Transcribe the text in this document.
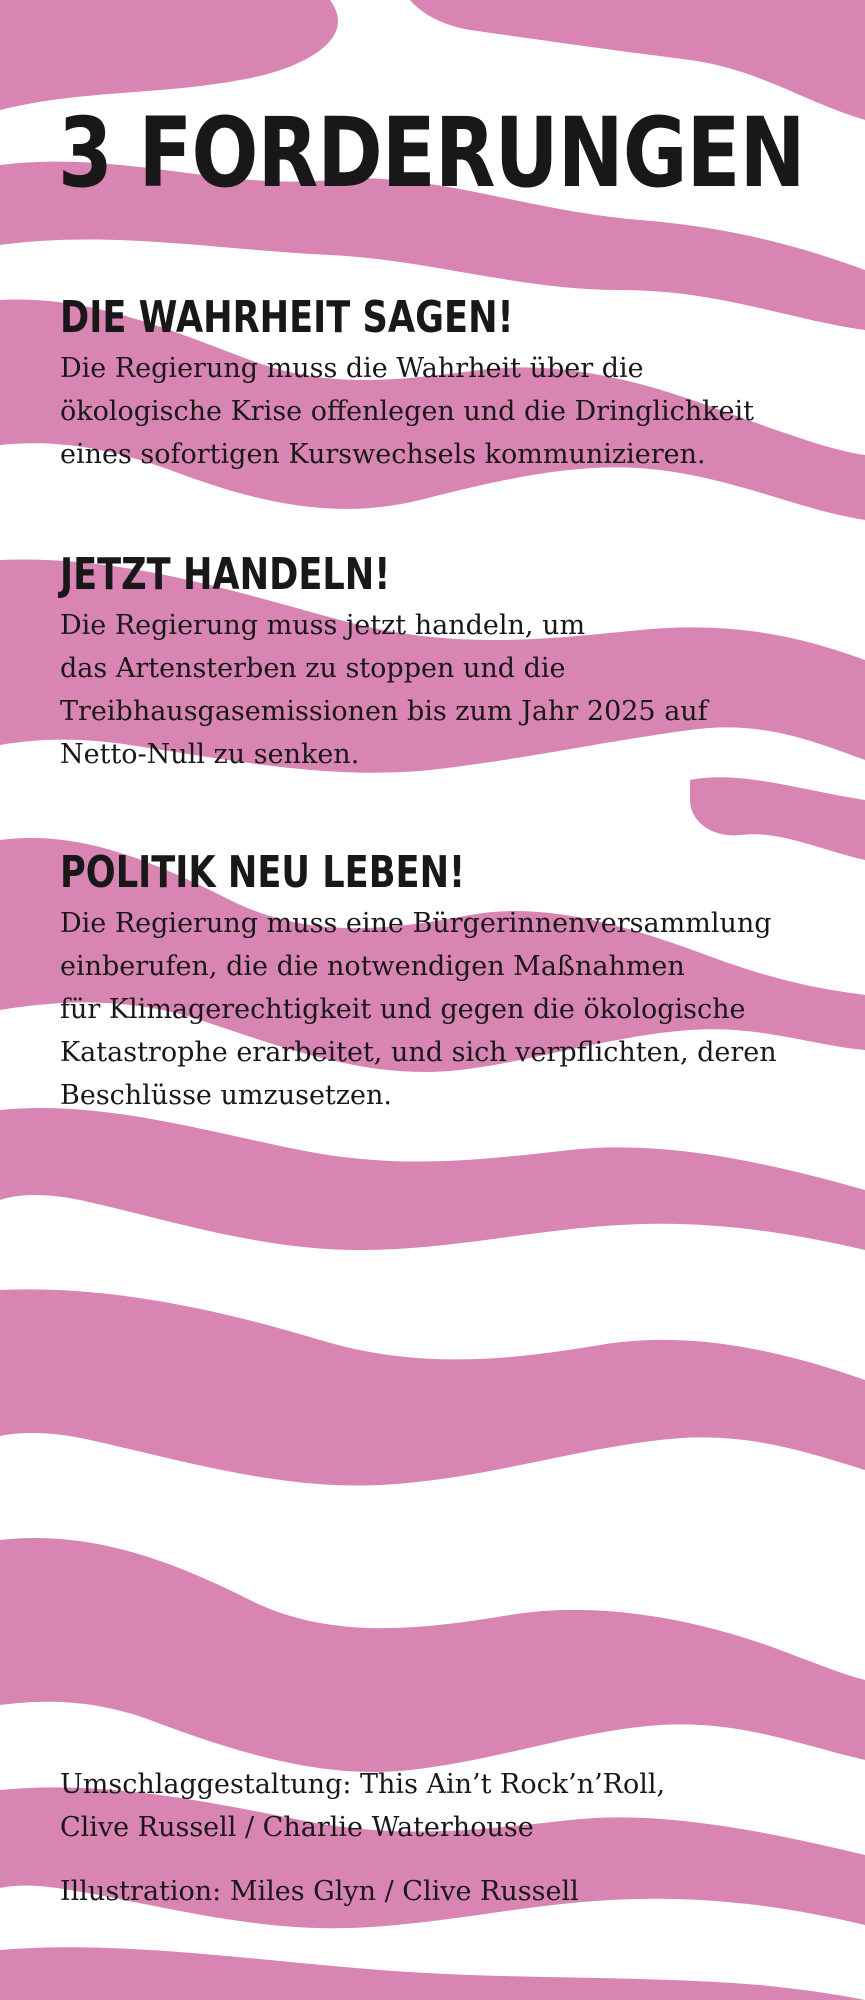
3 FORDERUNGEN
DIE WAHRHEIT SAGEN!

Die Regierung muss die Wahrheit über die
ökologische Krise offenlegen und die Dringlichkeit
eines sofortigen Kurswechsels kommunizieren.

JETZT HANDELN!

Die Regierung muss jetzt handeln, um
das Artensterben zu stoppen und die
Treibhausgasemissionen bis zum Jahr 2025 auf
Netto-Null zu senken.

POLITIK NEU LEBEN!

Die Regierung muss eine Bürgerinnenversammlung
einberufen, die die notwendigen Maßnahmen
für Klimagerechtigkeit und gegen die ökologische
Katastrophe erarbeitet, und sich verpflichten, deren
Beschlüsse umzusetzen.

Umschlaggestaltung: This Ain’t Rock’n’Roll,
Clive Russell / Charlie Waterhouse
Illustration: Miles Glyn / Clive Russell
